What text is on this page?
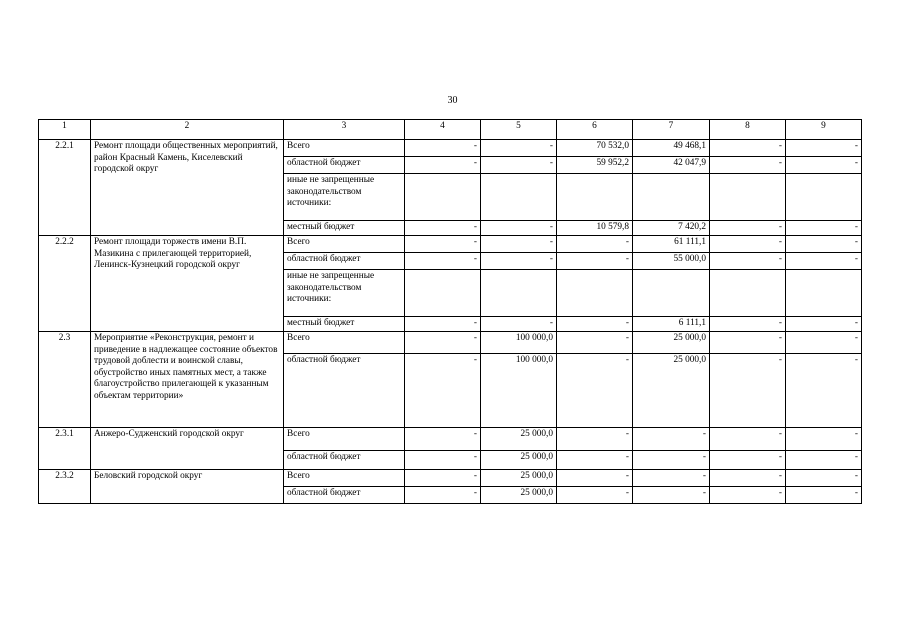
30
1	2	3	4	5	6	7	8	9
2.2.1	Ремонт площади общественных мероприятий, район Красный Камень, Киселевский городской округ	Всего	-	-	70 532,0	49 468,1	-	-
		областной бюджет	-	-	59 952,2	42 047,9	-	-
		иные не запрещенные законодательством источники:						
		местный бюджет	-	-	10 579,8	7 420,2	-	-
2.2.2	Ремонт площади торжеств имени В.П. Мазикина с прилегающей территорией, Ленинск-Кузнецкий городской округ	Всего	-	-	-	61 111,1	-	-
		областной бюджет	-	-	-	55 000,0	-	-
		иные не запрещенные законодательством источники:						
		местный бюджет	-	-	-	6 111,1	-	-
2.3	Мероприятие «Реконструкция, ремонт и приведение в надлежащее состояние объектов трудовой доблести и воинской славы, обустройство иных памятных мест, а также благоустройство прилегающей к указанным объектам территории»	Всего	-	100 000,0	-	25 000,0	-	-
		областной бюджет	-	100 000,0	-	25 000,0	-	-
2.3.1	Анжеро-Судженский городской округ	Всего	-	25 000,0	-	-	-	-
		областной бюджет	-	25 000,0	-	-	-	-
2.3.2	Беловский городской округ	Всего	-	25 000,0	-	-	-	-
		областной бюджет	-	25 000,0	-	-	-	-
